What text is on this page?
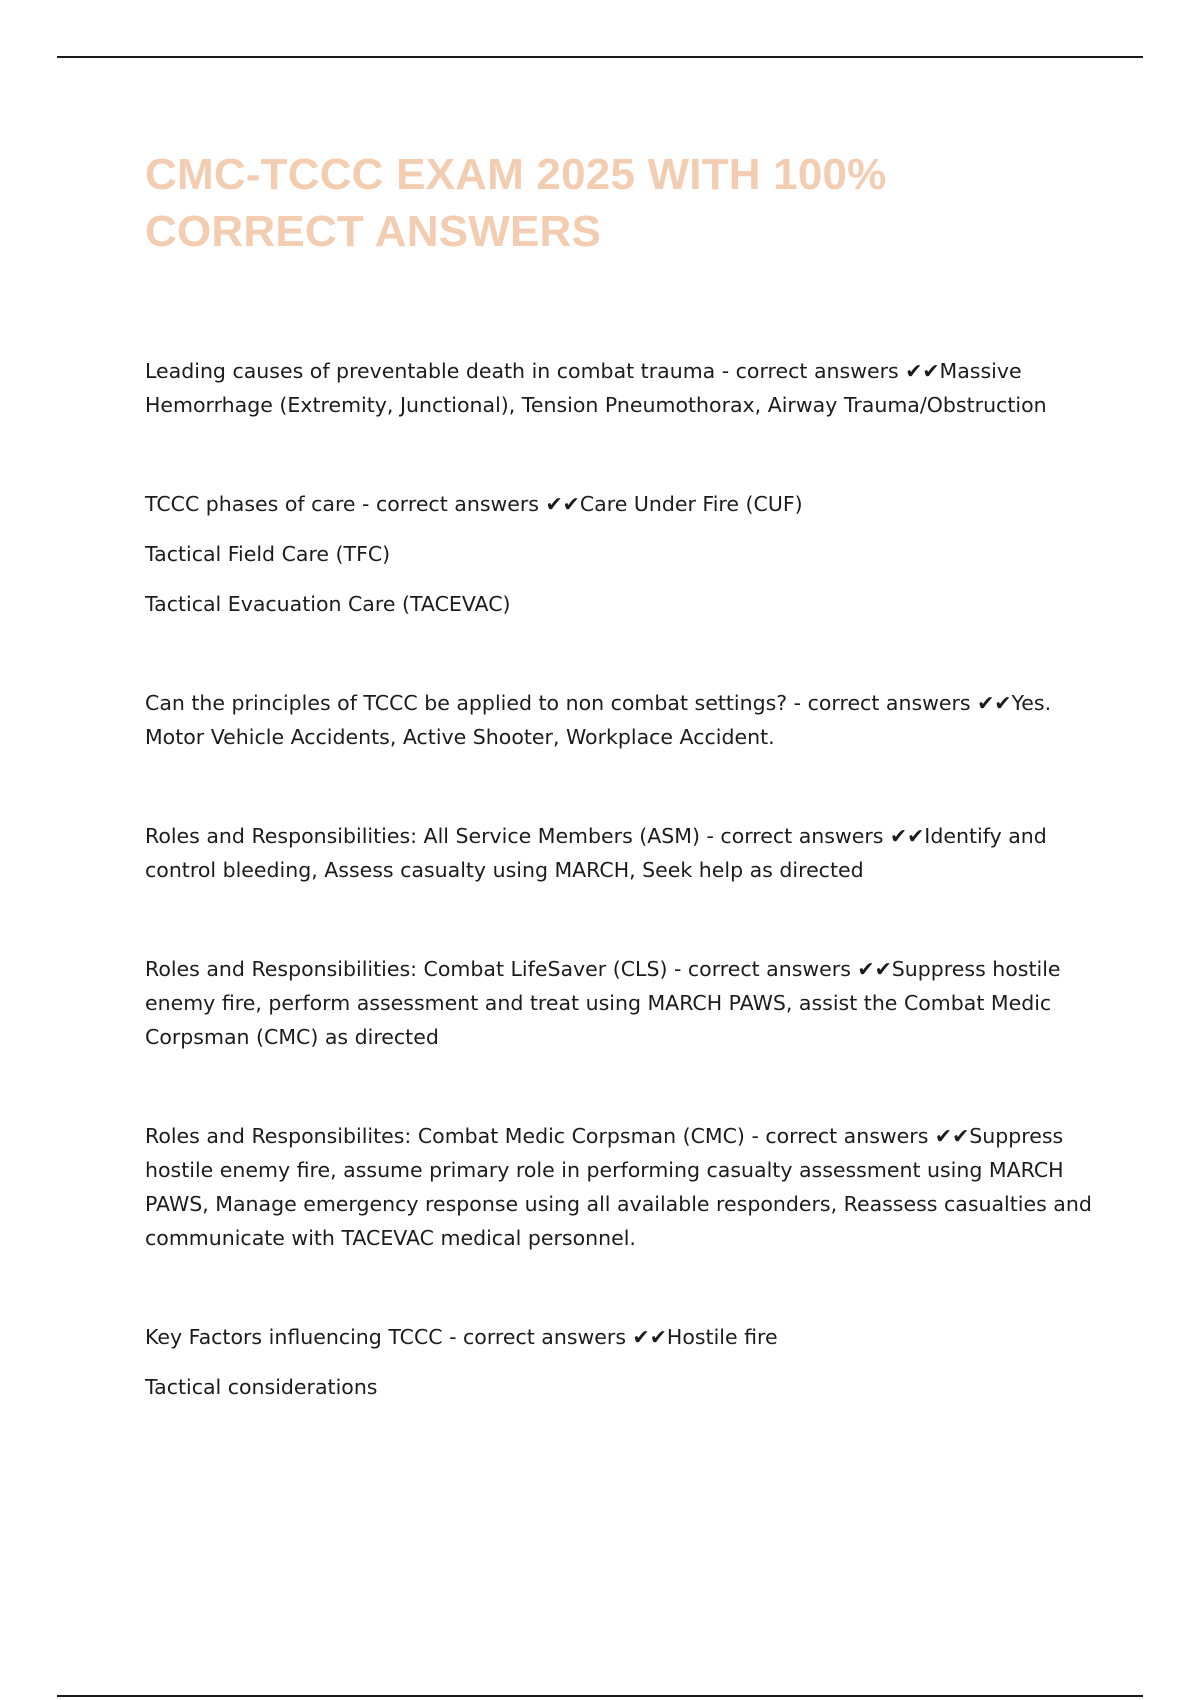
CMC-TCCC EXAM 2025 WITH 100% CORRECT ANSWERS

Leading causes of preventable death in combat trauma - correct answers ✔✔Massive Hemorrhage (Extremity, Junctional), Tension Pneumothorax, Airway Trauma/Obstruction

TCCC phases of care - correct answers ✔✔Care Under Fire (CUF)

Tactical Field Care (TFC)

Tactical Evacuation Care (TACEVAC)

Can the principles of TCCC be applied to non combat settings? - correct answers ✔✔Yes. Motor Vehicle Accidents, Active Shooter, Workplace Accident.

Roles and Responsibilities: All Service Members (ASM) - correct answers ✔✔Identify and control bleeding, Assess casualty using MARCH, Seek help as directed

Roles and Responsibilities: Combat LifeSaver (CLS) - correct answers ✔✔Suppress hostile enemy fire, perform assessment and treat using MARCH PAWS, assist the Combat Medic Corpsman (CMC) as directed

Roles and Responsibilites: Combat Medic Corpsman (CMC) - correct answers ✔✔Suppress hostile enemy fire, assume primary role in performing casualty assessment using MARCH PAWS, Manage emergency response using all available responders, Reassess casualties and communicate with TACEVAC medical personnel.

Key Factors influencing TCCC - correct answers ✔✔Hostile fire

Tactical considerations
